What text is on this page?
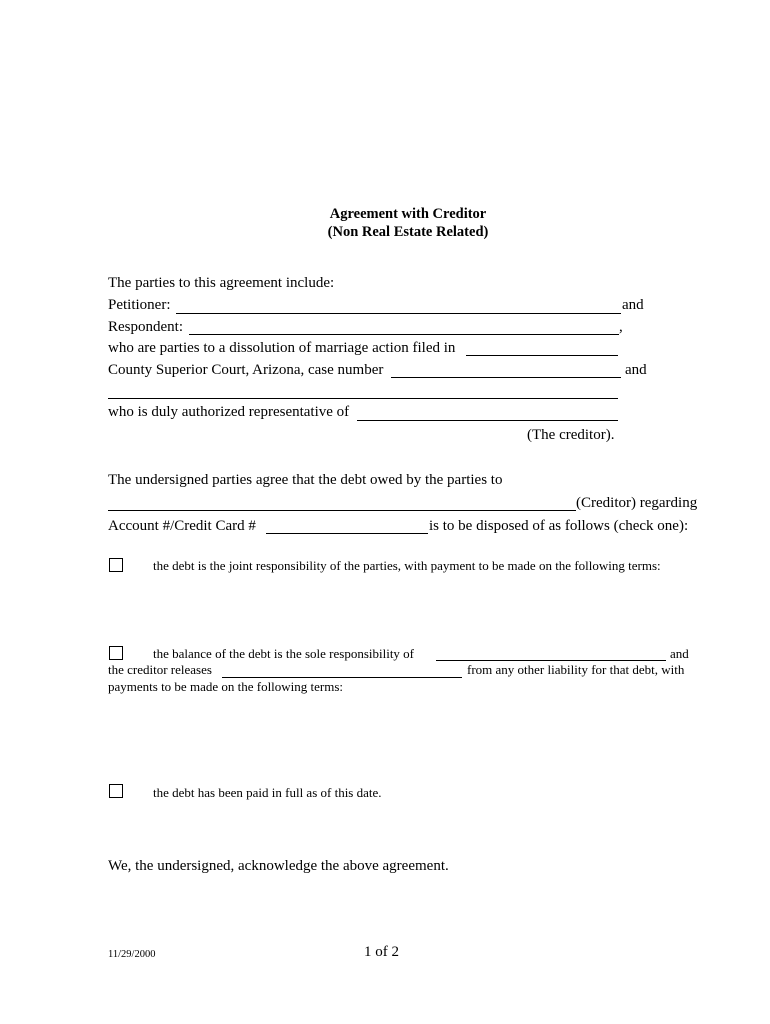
Agreement with Creditor
(Non Real Estate Related)
The parties to this agreement include:
Petitioner:	and
Respondent:	,
who are parties to a dissolution of marriage action filed in
County Superior Court, Arizona, case number	and
who is duly authorized representative of
(The creditor).
The undersigned parties agree that the debt owed by the parties to
(Creditor) regarding
Account #/Credit Card #	is to be disposed of as follows (check one):
the debt is the joint responsibility of the parties, with payment to be made on the following terms:
the balance of the debt is the sole responsibility of	and
the creditor releases	from any other liability for that debt, with
payments to be made on the following terms:
the debt has been paid in full as of this date.
We, the undersigned, acknowledge the above agreement.
11/29/2000	1 of 2
